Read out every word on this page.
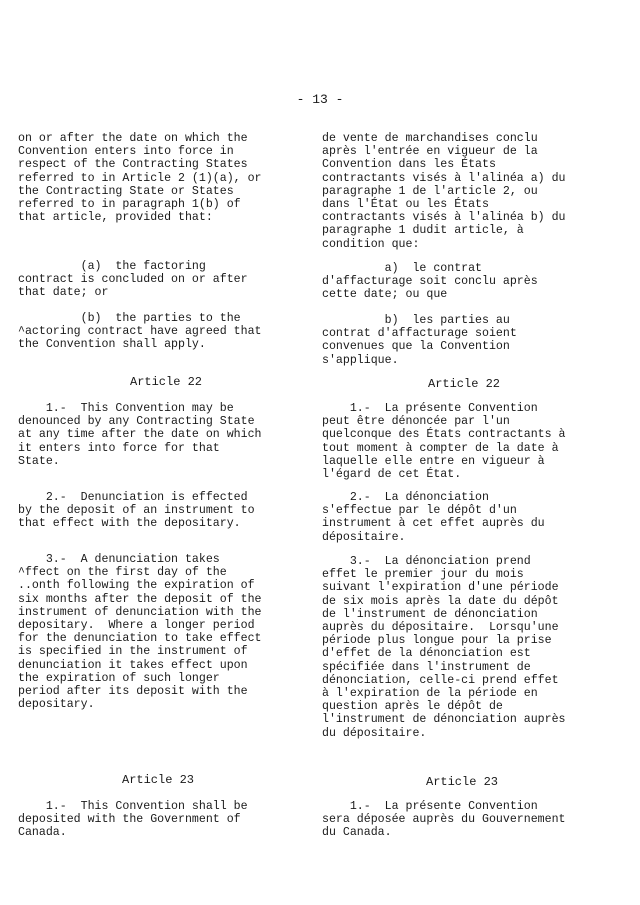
- 13 -
on or after the date on which the
Convention enters into force in
respect of the Contracting States
referred to in Article 2 (1)(a), or
the Contracting State or States
referred to in paragraph 1(b) of
that article, provided that:
(a)  the factoring
contract is concluded on or after
that date; or
(b)  the parties to the
^actoring contract have agreed that
the Convention shall apply.
Article 22
1.-  This Convention may be
denounced by any Contracting State
at any time after the date on which
it enters into force for that
State.
2.-  Denunciation is effected
by the deposit of an instrument to
that effect with the depositary.
3.-  A denunciation takes
^ffect on the first day of the
..onth following the expiration of
six months after the deposit of the
instrument of denunciation with the
depositary.  Where a longer period
for the denunciation to take effect
is specified in the instrument of
denunciation it takes effect upon
the expiration of such longer
period after its deposit with the
depositary.
Article 23
1.-  This Convention shall be
deposited with the Government of
Canada.
de vente de marchandises conclu
après l'entrée en vigueur de la
Convention dans les États
contractants visés à l'alinéa a) du
paragraphe 1 de l'article 2, ou
dans l'État ou les États
contractants visés à l'alinéa b) du
paragraphe 1 dudit article, à
condition que:
a)  le contrat
d'affacturage soit conclu après
cette date; ou que
b)  les parties au
contrat d'affacturage soient
convenues que la Convention
s'applique.
Article 22
1.-  La présente Convention
peut être dénoncée par l'un
quelconque des États contractants à
tout moment à compter de la date à
laquelle elle entre en vigueur à
l'égard de cet État.
2.-  La dénonciation
s'effectue par le dépôt d'un
instrument à cet effet auprès du
dépositaire.
3.-  La dénonciation prend
effet le premier jour du mois
suivant l'expiration d'une période
de six mois après la date du dépôt
de l'instrument de dénonciation
auprès du dépositaire.  Lorsqu'une
période plus longue pour la prise
d'effet de la dénonciation est
spécifiée dans l'instrument de
dénonciation, celle-ci prend effet
à l'expiration de la période en
question après le dépôt de
l'instrument de dénonciation auprès
du dépositaire.
Article 23
1.-  La présente Convention
sera déposée auprès du Gouvernement
du Canada.
